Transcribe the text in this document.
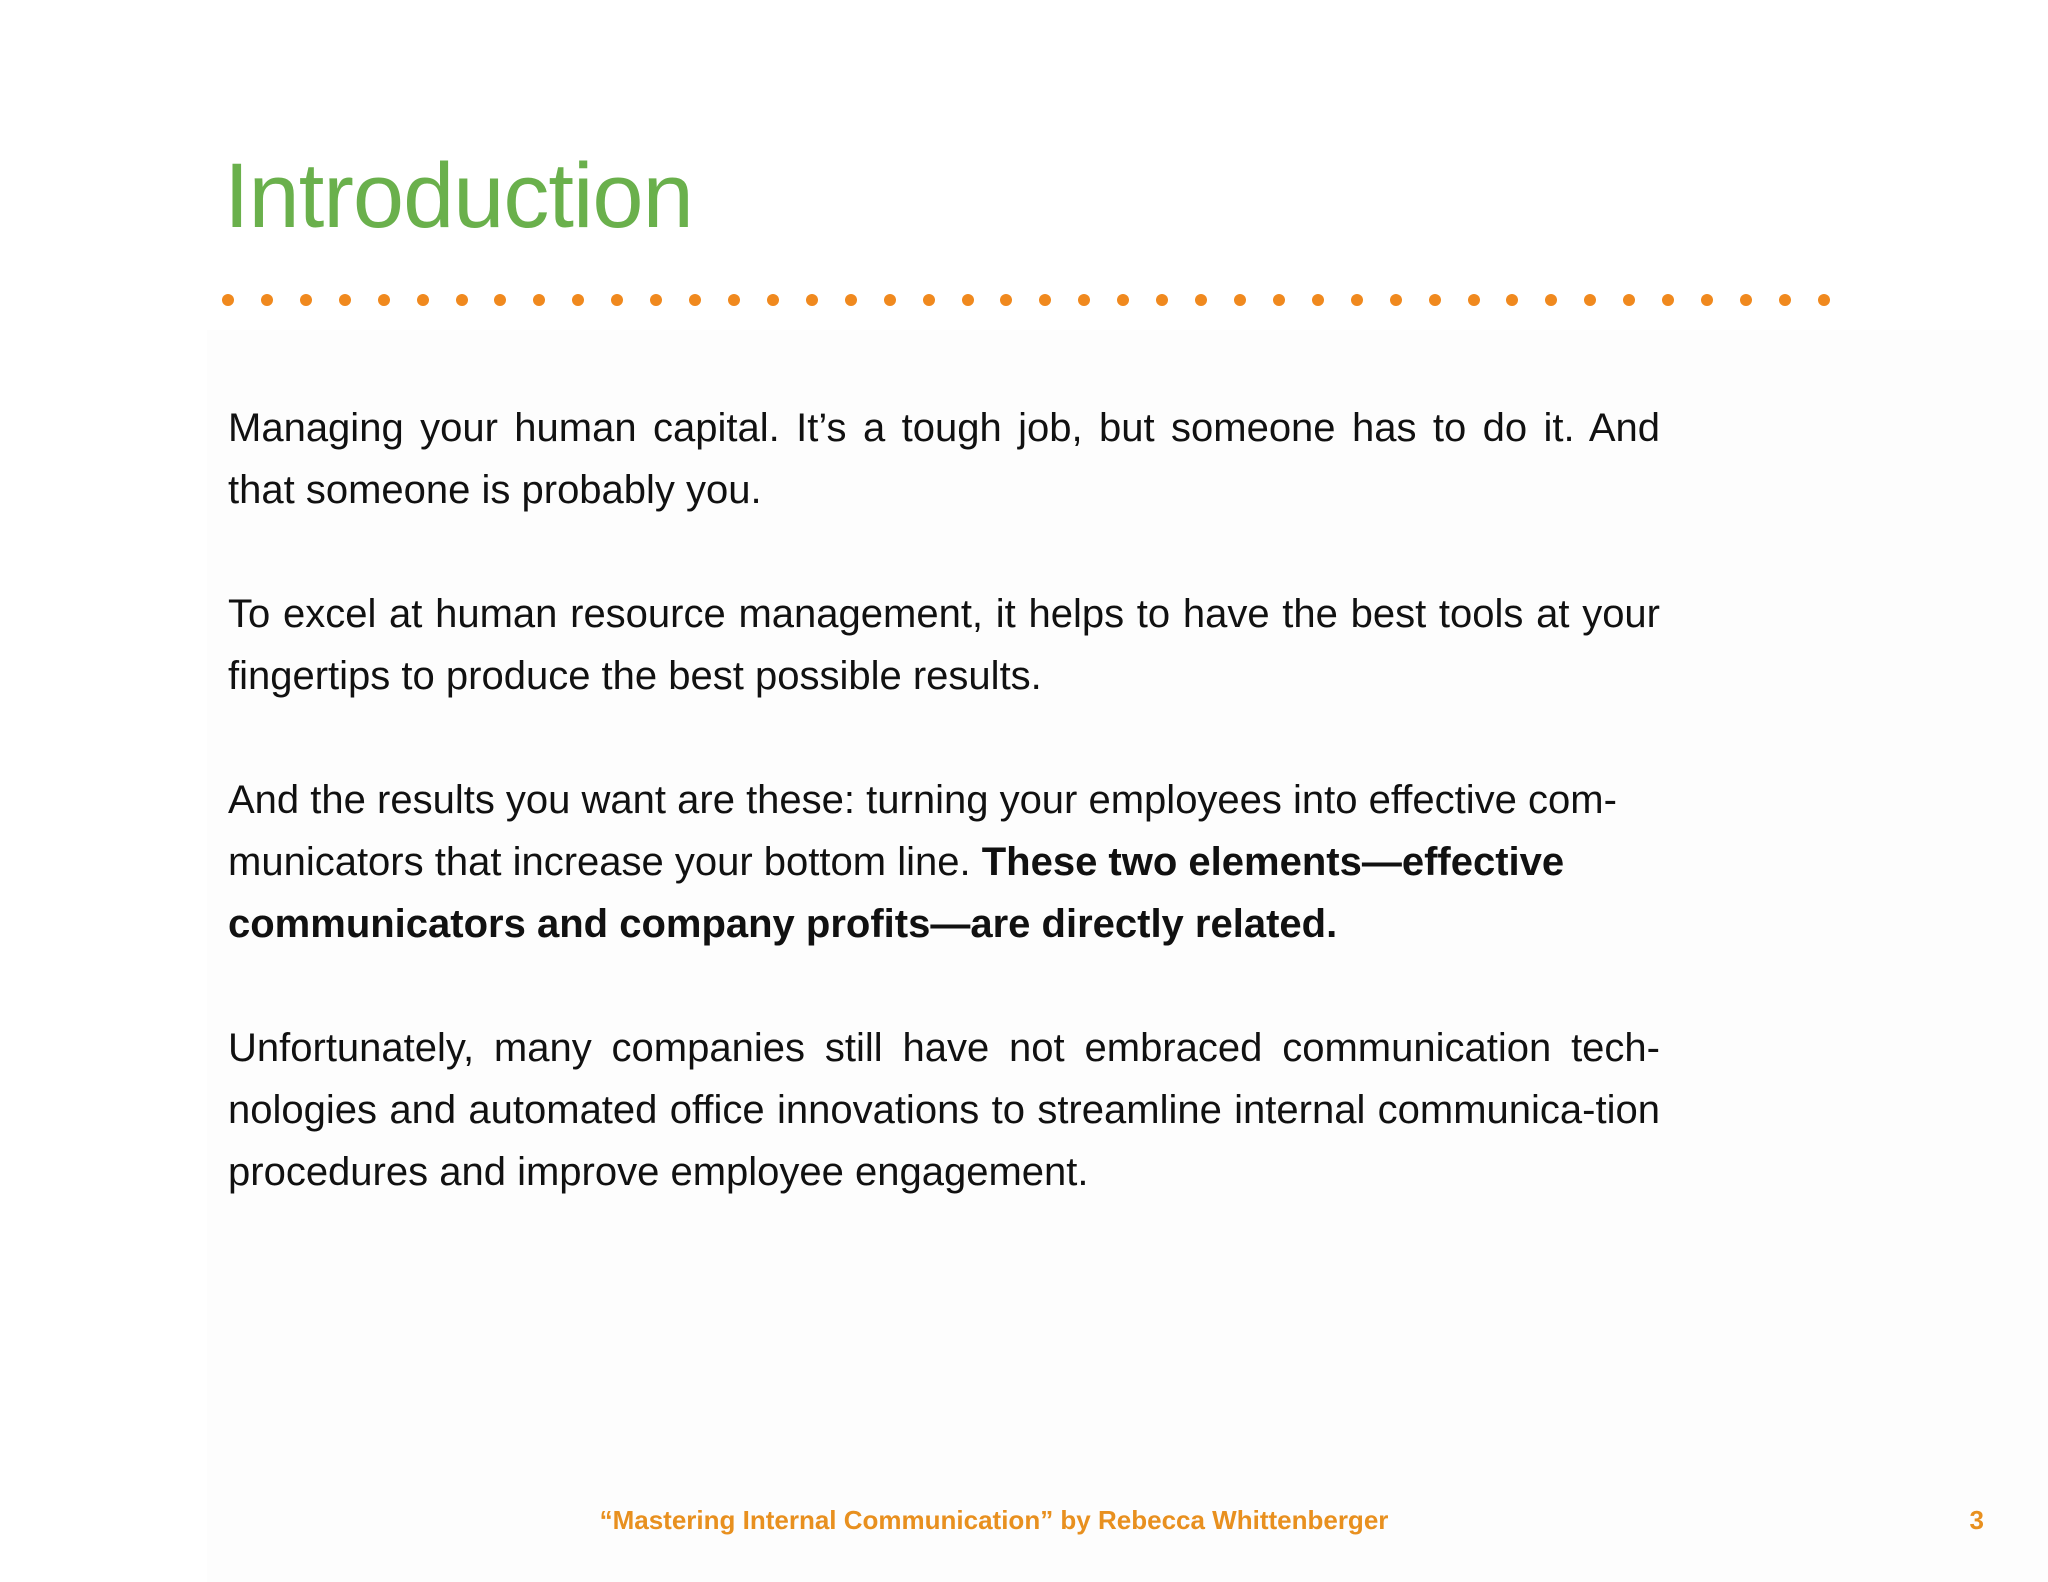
Introduction

Managing your human capital. It’s a tough job, but someone has to do it. And that someone is probably you.

To excel at human resource management, it helps to have the best tools at your fingertips to produce the best possible results.

And the results you want are these: turning your employees into effective com-municators that increase your bottom line. These two elements—effective communicators and company profits—are directly related.

Unfortunately, many companies still have not embraced communication tech-nologies and automated office innovations to streamline internal communica-tion procedures and improve employee engagement.

“Mastering Internal Communication” by Rebecca Whittenberger	3
